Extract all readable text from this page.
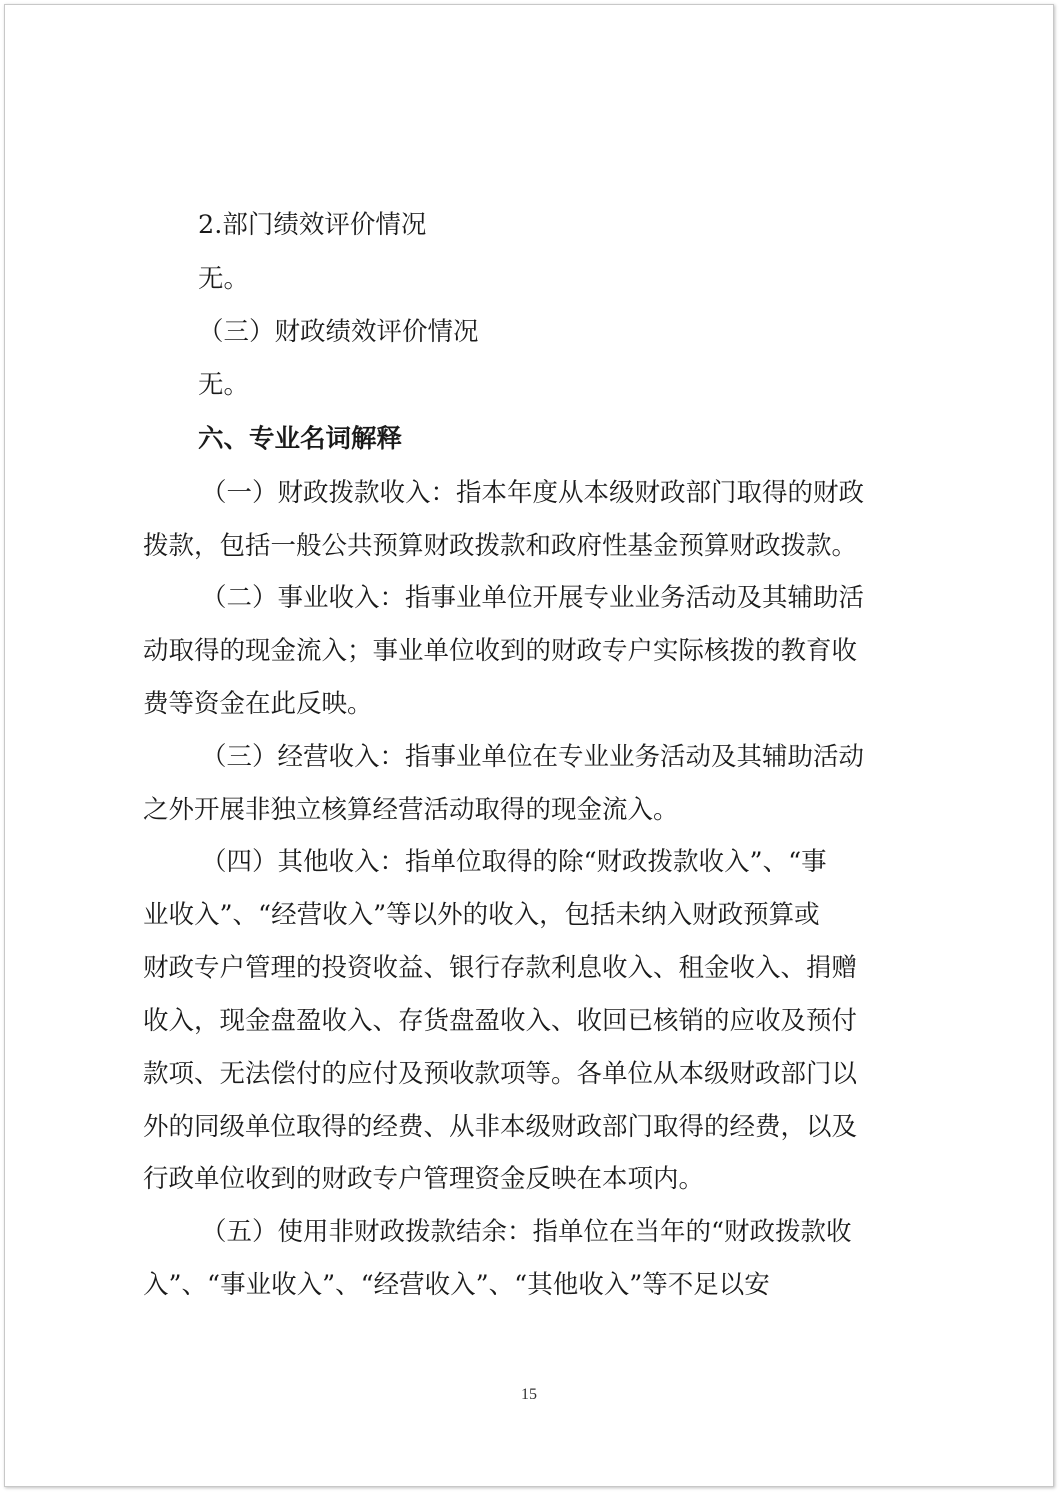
2.部门绩效评价情况
无。
（三）财政绩效评价情况
无。
六、专业名词解释
（一）财政拨款收入：指本年度从本级财政部门取得的财政
拨款，包括一般公共预算财政拨款和政府性基金预算财政拨款。
（二）事业收入：指事业单位开展专业业务活动及其辅助活
动取得的现金流入；事业单位收到的财政专户实际核拨的教育收
费等资金在此反映。
（三）经营收入：指事业单位在专业业务活动及其辅助活动
之外开展非独立核算经营活动取得的现金流入。
（四）其他收入：指单位取得的除“财政拨款收入”、“事
业收入”、“经营收入”等以外的收入，包括未纳入财政预算或
财政专户管理的投资收益、银行存款利息收入、租金收入、捐赠
收入，现金盘盈收入、存货盘盈收入、收回已核销的应收及预付
款项、无法偿付的应付及预收款项等。各单位从本级财政部门以
外的同级单位取得的经费、从非本级财政部门取得的经费，以及
行政单位收到的财政专户管理资金反映在本项内。
（五）使用非财政拨款结余：指单位在当年的“财政拨款收
入”、“事业收入”、“经营收入”、“其他收入”等不足以安
15
